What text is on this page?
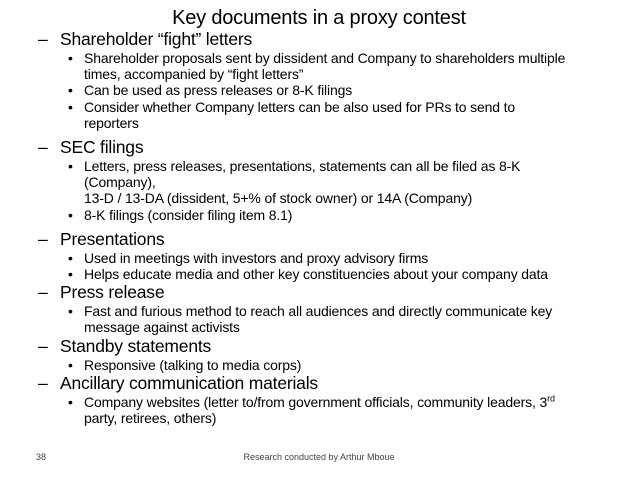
Key documents in a proxy contest
– Shareholder “fight” letters
• Shareholder proposals sent by dissident and Company to shareholders multiple
times, accompanied by “fight letters”
• Can be used as press releases or 8-K filings
• Consider whether Company letters can be also used for PRs to send to
reporters
– SEC filings
• Letters, press releases, presentations, statements can all be filed as 8-K
(Company),
13-D / 13-DA (dissident, 5+% of stock owner) or 14A (Company)
• 8-K filings (consider filing item 8.1)
– Presentations
• Used in meetings with investors and proxy advisory firms
• Helps educate media and other key constituencies about your company data
– Press release
• Fast and furious method to reach all audiences and directly communicate key
message against activists
– Standby statements
• Responsive (talking to media corps)
– Ancillary communication materials
• Company websites (letter to/from government officials, community leaders, 3rd
party, retirees, others)
38	Research conducted by Arthur Mboue
